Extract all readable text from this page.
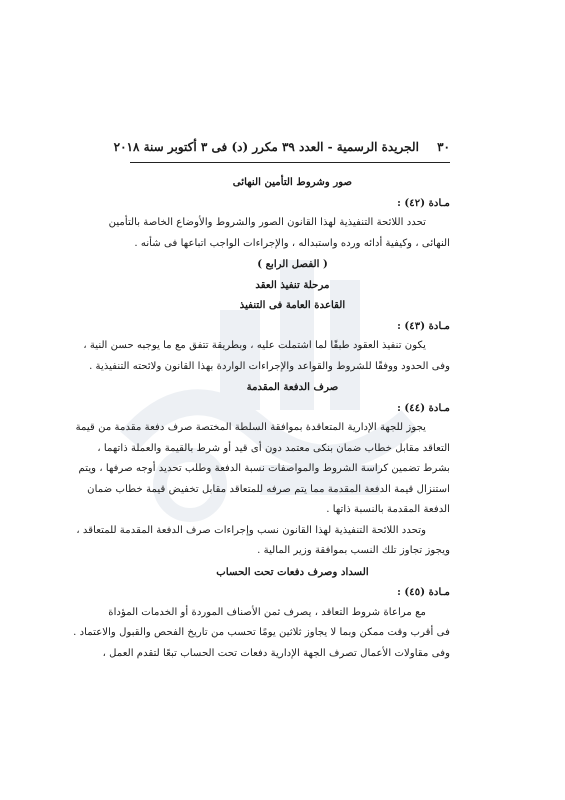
٣٠ الجريدة الرسمية - العدد ٣٩ مكرر (د) فى ٣ أكتوبر سنة ٢٠١٨

صور وشروط التأمين النهائى

مـادة (٤٢) :

تحدد اللائحة التنفيذية لهذا القانون الصور والشروط والأوضاع الخاصة بالتأمين

النهائى ، وكيفية أدائه ورده واستبداله ، والإجراءات الواجب اتباعها فى شأنه .

( الفصل الرابع )

مرحلة تنفيذ العقد

القاعدة العامة فى التنفيذ

مـادة (٤٣) :

يكون تنفيذ العقود طبقًا لما اشتملت عليه ، وبطريقة تتفق مع ما يوجبه حسن النية ،

وفى الحدود ووفقًا للشروط والقواعد والإجراءات الواردة بهذا القانون ولائحته التنفيذية .

صرف الدفعة المقدمة

مـادة (٤٤) :

يجوز للجهة الإدارية المتعاقدة بموافقة السلطة المختصة صرف دفعة مقدمة من قيمة

التعاقد مقابل خطاب ضمان بنكى معتمد دون أى قيد أو شرط بالقيمة والعملة ذاتهما ،

بشرط تضمين كراسة الشروط والمواصفات نسبة الدفعة وطلب تحديد أوجه صرفها ، ويتم

استنزال قيمة الدفعة المقدمة مما يتم صرفه للمتعاقد مقابل تخفيض قيمة خطاب ضمان

الدفعة المقدمة بالنسبة ذاتها .

وتحدد اللائحة التنفيذية لهذا القانون نسب وإجراءات صرف الدفعة المقدمة للمتعاقد ،

ويجوز تجاوز تلك النسب بموافقة وزير المالية .

السداد وصرف دفعات تحت الحساب

مـادة (٤٥) :

مع مراعاة شروط التعاقد ، يصرف ثمن الأصناف الموردة أو الخدمات المؤداة

فى أقرب وقت ممكن وبما لا يجاوز ثلاثين يومًا تحسب من تاريخ الفحص والقبول والاعتماد .

وفى مقاولات الأعمال تصرف الجهة الإدارية دفعات تحت الحساب تبعًا لتقدم العمل ،
